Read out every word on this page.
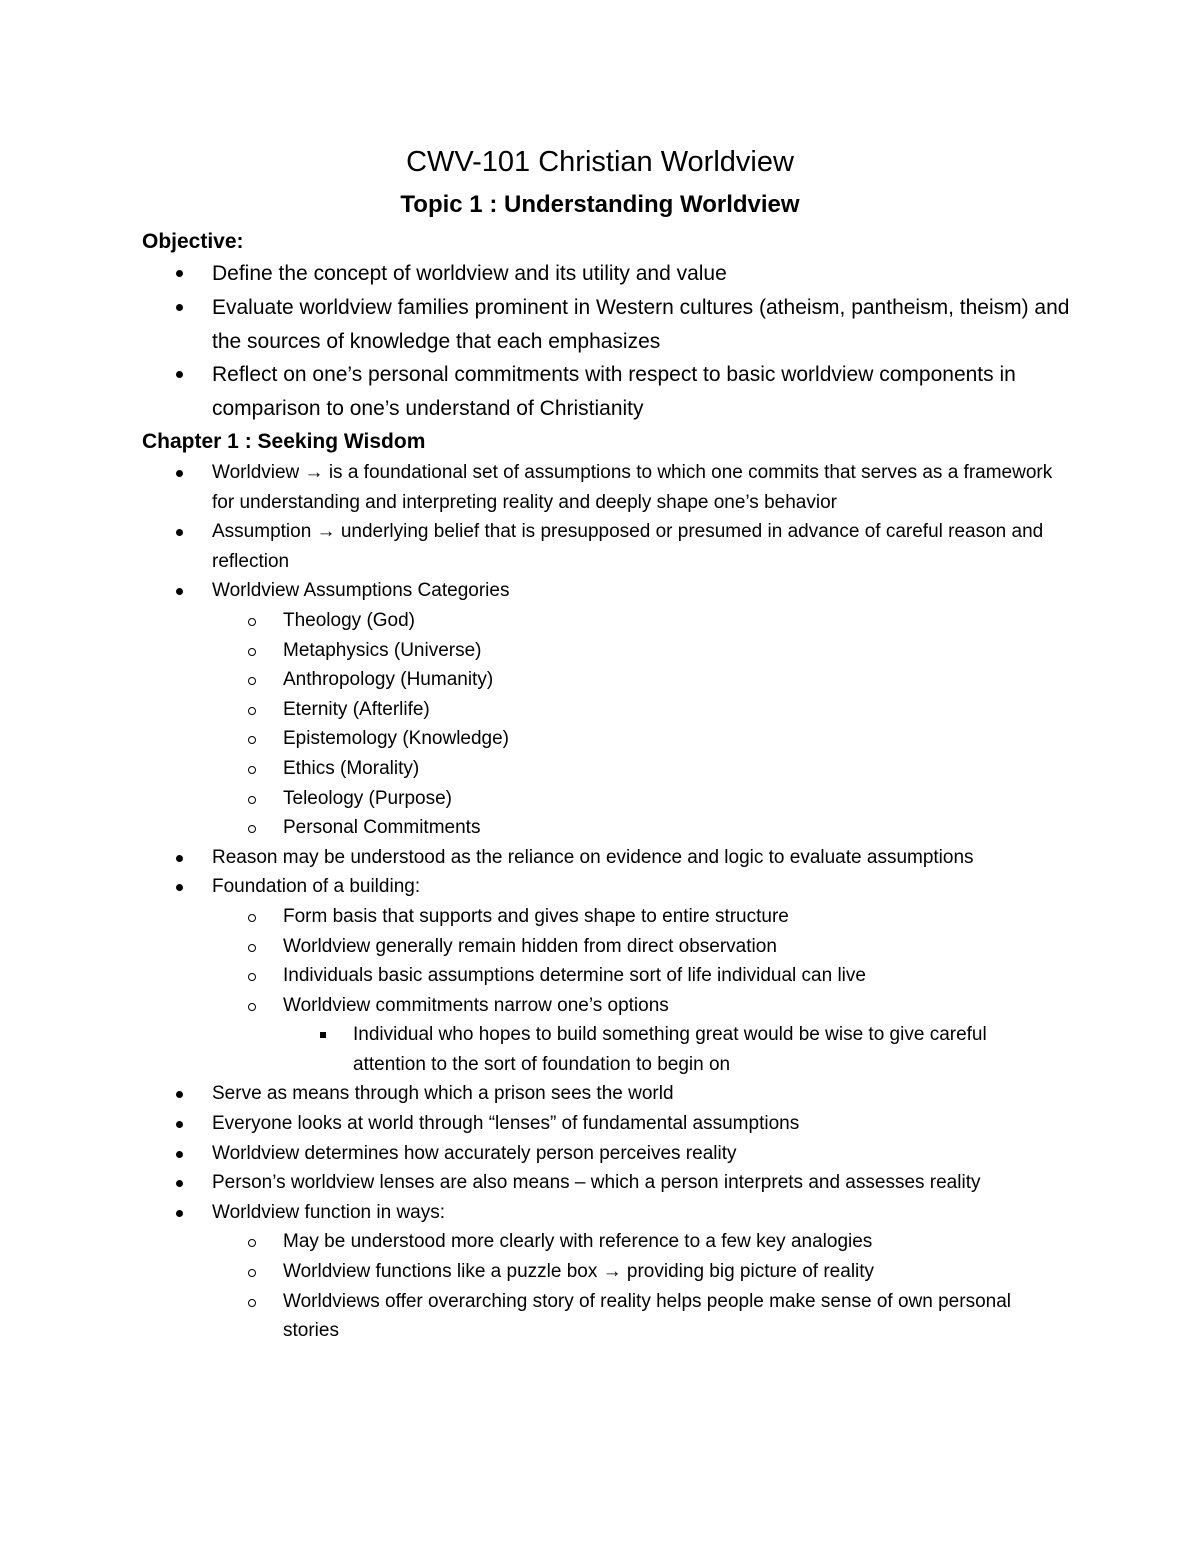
CWV-101 Christian Worldview
Topic 1 : Understanding Worldview
Objective:
Define the concept of worldview and its utility and value
Evaluate worldview families prominent in Western cultures (atheism, pantheism, theism) and the sources of knowledge that each emphasizes
Reflect on one’s personal commitments with respect to basic worldview components in comparison to one’s understand of Christianity
Chapter 1 : Seeking Wisdom
Worldview → is a foundational set of assumptions to which one commits that serves as a framework for understanding and interpreting reality and deeply shape one’s behavior
Assumption → underlying belief that is presupposed or presumed in advance of careful reason and reflection
Worldview Assumptions Categories
Theology (God)
Metaphysics (Universe)
Anthropology (Humanity)
Eternity (Afterlife)
Epistemology (Knowledge)
Ethics (Morality)
Teleology (Purpose)
Personal Commitments
Reason may be understood as the reliance on evidence and logic to evaluate assumptions
Foundation of a building:
Form basis that supports and gives shape to entire structure
Worldview generally remain hidden from direct observation
Individuals basic assumptions determine sort of life individual can live
Worldview commitments narrow one’s options
Individual who hopes to build something great would be wise to give careful attention to the sort of foundation to begin on
Serve as means through which a prison sees the world
Everyone looks at world through “lenses” of fundamental assumptions
Worldview determines how accurately person perceives reality
Person’s worldview lenses are also means – which a person interprets and assesses reality
Worldview function in ways:
May be understood more clearly with reference to a few key analogies
Worldview functions like a puzzle box → providing big picture of reality
Worldviews offer overarching story of reality helps people make sense of own personal stories
